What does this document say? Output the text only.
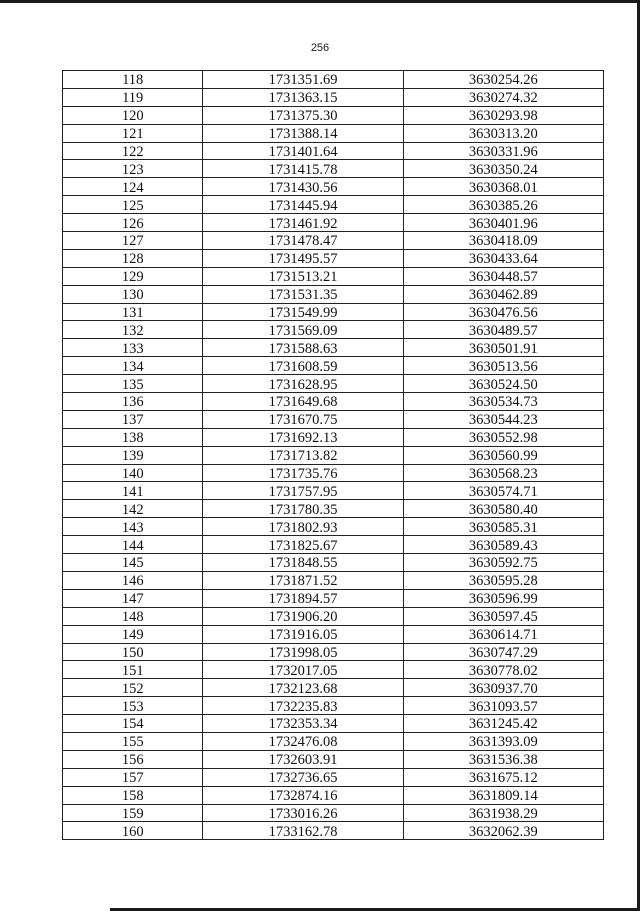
256
118	1731351.69	3630254.26
119	1731363.15	3630274.32
120	1731375.30	3630293.98
121	1731388.14	3630313.20
122	1731401.64	3630331.96
123	1731415.78	3630350.24
124	1731430.56	3630368.01
125	1731445.94	3630385.26
126	1731461.92	3630401.96
127	1731478.47	3630418.09
128	1731495.57	3630433.64
129	1731513.21	3630448.57
130	1731531.35	3630462.89
131	1731549.99	3630476.56
132	1731569.09	3630489.57
133	1731588.63	3630501.91
134	1731608.59	3630513.56
135	1731628.95	3630524.50
136	1731649.68	3630534.73
137	1731670.75	3630544.23
138	1731692.13	3630552.98
139	1731713.82	3630560.99
140	1731735.76	3630568.23
141	1731757.95	3630574.71
142	1731780.35	3630580.40
143	1731802.93	3630585.31
144	1731825.67	3630589.43
145	1731848.55	3630592.75
146	1731871.52	3630595.28
147	1731894.57	3630596.99
148	1731906.20	3630597.45
149	1731916.05	3630614.71
150	1731998.05	3630747.29
151	1732017.05	3630778.02
152	1732123.68	3630937.70
153	1732235.83	3631093.57
154	1732353.34	3631245.42
155	1732476.08	3631393.09
156	1732603.91	3631536.38
157	1732736.65	3631675.12
158	1732874.16	3631809.14
159	1733016.26	3631938.29
160	1733162.78	3632062.39
